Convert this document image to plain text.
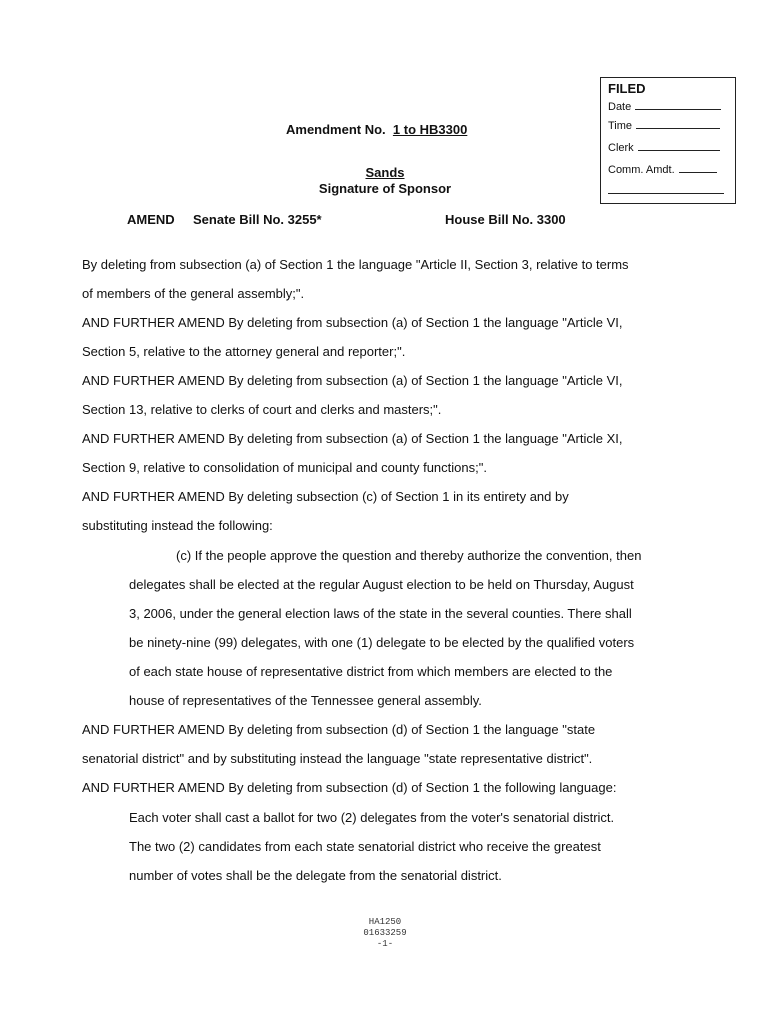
FILED
Date
Time
Clerk
Comm. Amdt.
Amendment No. 1 to HB3300
Sands
Signature of Sponsor
AMEND Senate Bill No. 3255*	House Bill No. 3300
By deleting from subsection (a) of Section 1 the language "Article II, Section 3, relative to terms
of members of the general assembly;".
AND FURTHER AMEND By deleting from subsection (a) of Section 1 the language "Article VI,
Section 5, relative to the attorney general and reporter;".
AND FURTHER AMEND By deleting from subsection (a) of Section 1 the language "Article VI,
Section 13, relative to clerks of court and clerks and masters;".
AND FURTHER AMEND By deleting from subsection (a) of Section 1 the language "Article XI,
Section 9, relative to consolidation of municipal and county functions;".
AND FURTHER AMEND By deleting subsection (c) of Section 1 in its entirety and by
substituting instead the following:
(c) If the people approve the question and thereby authorize the convention, then
delegates shall be elected at the regular August election to be held on Thursday, August
3, 2006, under the general election laws of the state in the several counties. There shall
be ninety-nine (99) delegates, with one (1) delegate to be elected by the qualified voters
of each state house of representative district from which members are elected to the
house of representatives of the Tennessee general assembly.
AND FURTHER AMEND By deleting from subsection (d) of Section 1 the language "state
senatorial district" and by substituting instead the language "state representative district".
AND FURTHER AMEND By deleting from subsection (d) of Section 1 the following language:
Each voter shall cast a ballot for two (2) delegates from the voter's senatorial district.
The two (2) candidates from each state senatorial district who receive the greatest
number of votes shall be the delegate from the senatorial district.
HA1250
01633259
-1-
